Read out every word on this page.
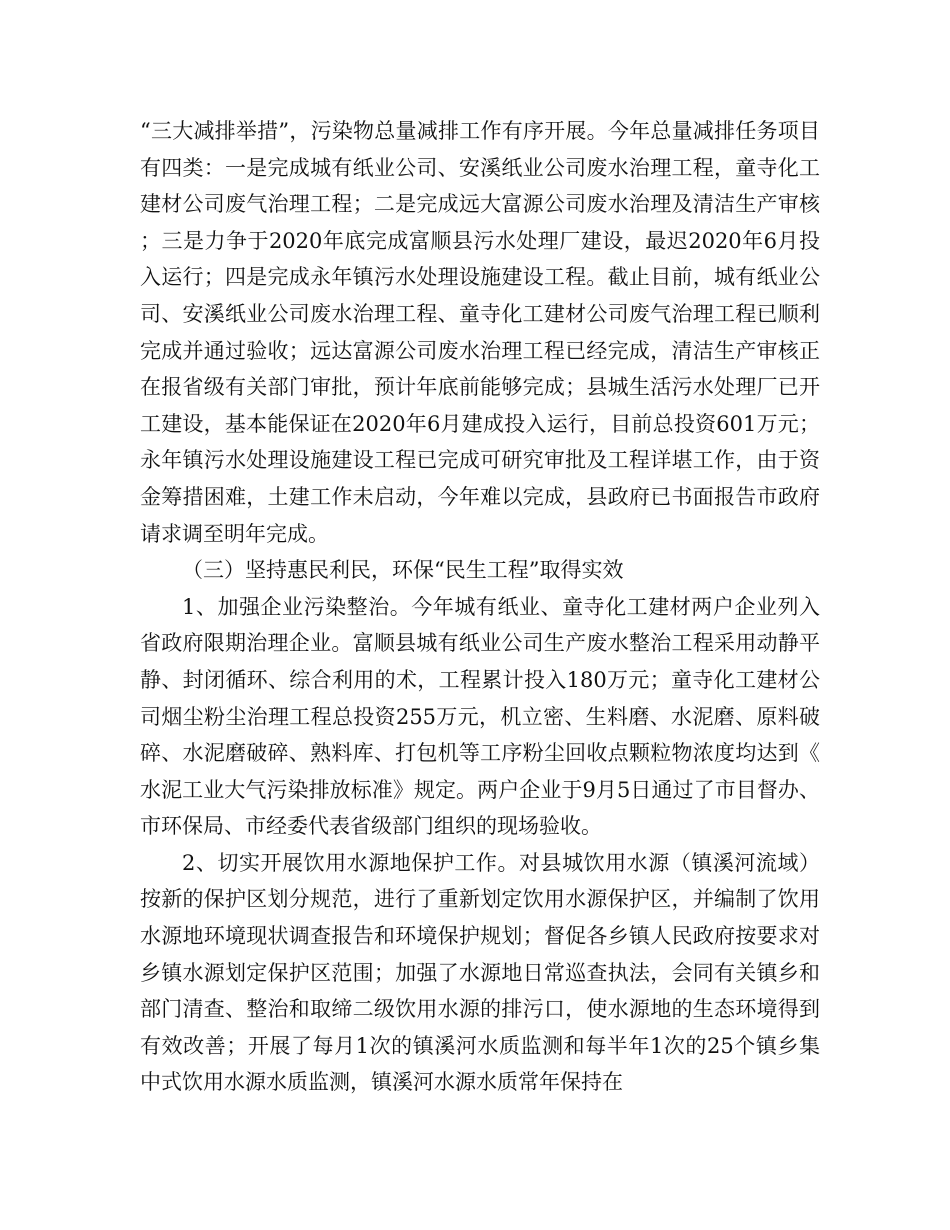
“三大减排举措”，污染物总量减排工作有序开展。今年总量减排任务项目有四类：一是完成城有纸业公司、安溪纸业公司废水治理工程，童寺化工建材公司废气治理工程；二是完成远大富源公司废水治理及清洁生产审核；三是力争于2020年底完成富顺县污水处理厂建设，最迟2020年6月投入运行；四是完成永年镇污水处理设施建设工程。截止目前，城有纸业公司、安溪纸业公司废水治理工程、童寺化工建材公司废气治理工程已顺利完成并通过验收；远达富源公司废水治理工程已经完成，清洁生产审核正在报省级有关部门审批，预计年底前能够完成；县城生活污水处理厂已开工建设，基本能保证在2020年6月建成投入运行，目前总投资601万元；永年镇污水处理设施建设工程已完成可研究审批及工程详堪工作，由于资金筹措困难，土建工作未启动，今年难以完成，县政府已书面报告市政府请求调至明年完成。

（三）坚持惠民利民，环保“民生工程”取得实效

1、加强企业污染整治。今年城有纸业、童寺化工建材两户企业列入省政府限期治理企业。富顺县城有纸业公司生产废水整治工程采用动静平静、封闭循环、综合利用的术，工程累计投入180万元；童寺化工建材公司烟尘粉尘治理工程总投资255万元，机立密、生料磨、水泥磨、原料破碎、水泥磨破碎、熟料库、打包机等工序粉尘回收点颗粒物浓度均达到《水泥工业大气污染排放标准》规定。两户企业于9月5日通过了市目督办、市环保局、市经委代表省级部门组织的现场验收。

2、切实开展饮用水源地保护工作。对县城饮用水源（镇溪河流域）按新的保护区划分规范，进行了重新划定饮用水源保护区，并编制了饮用水源地环境现状调查报告和环境保护规划；督促各乡镇人民政府按要求对乡镇水源划定保护区范围；加强了水源地日常巡查执法，会同有关镇乡和部门清查、整治和取缔二级饮用水源的排污口，使水源地的生态环境得到有效改善；开展了每月1次的镇溪河水质监测和每半年1次的25个镇乡集中式饮用水源水质监测，镇溪河水源水质常年保持在
